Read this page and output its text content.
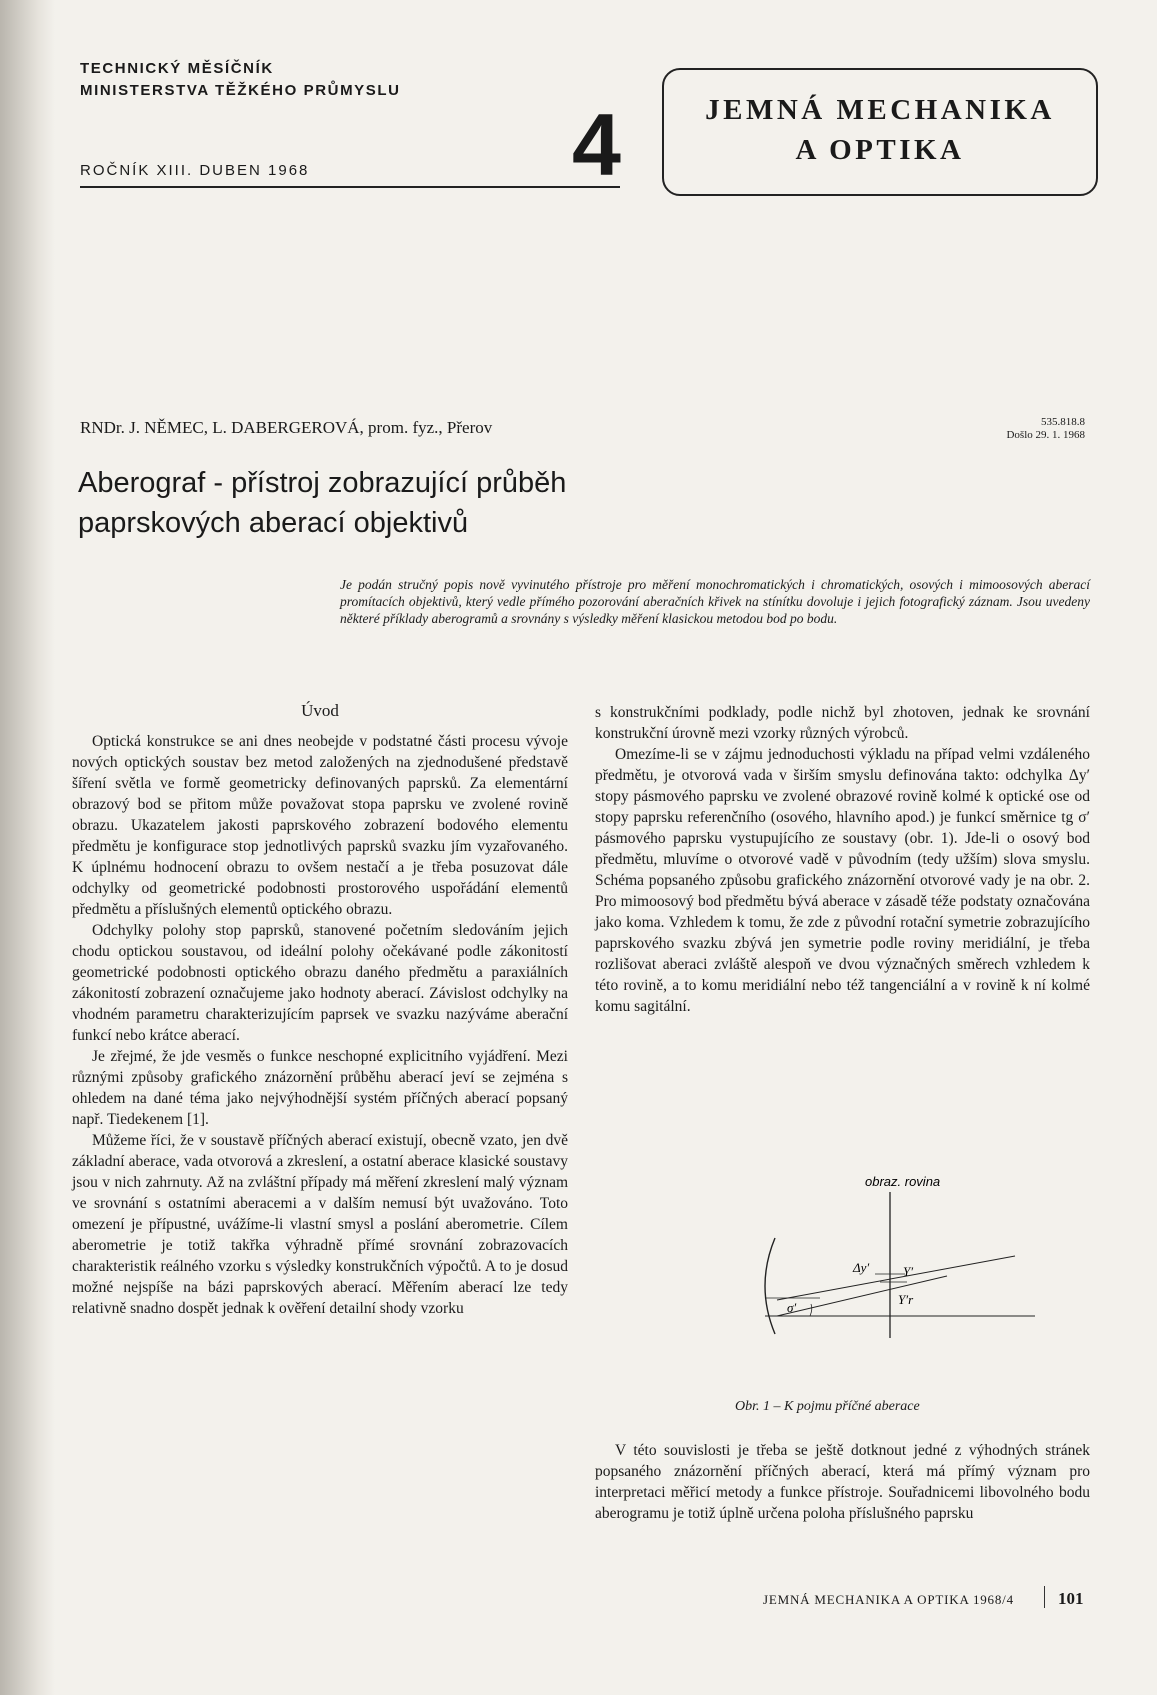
TECHNICKÝ MĚSÍČNÍK
MINISTERSTVA TĚŽKÉHO PRŮMYSLU
ROČNÍK XIII. DUBEN 1968	4	JEMNÁ MECHANIKA
A OPTIKA
RNDr. J. NĚMEC, L. DABERGEROVÁ, prom. fyz., Přerov	535.818.8
Došlo 29. 1. 1968
Aberograf - přístroj zobrazující průběh
paprskových aberací objektivů
Je podán stručný popis nově vyvinutého přístroje pro měření monochromatických i chromatických, osových i mimoosových aberací promítacích objektivů, který vedle přímého pozorování aberačních křivek na stínítku dovoluje i jejich fotografický záznam. Jsou uvedeny některé příklady aberogramů a srovnány s výsledky měření klasickou metodou bod po bodu.
Úvod

Optická konstrukce se ani dnes neobejde v podstatné části procesu vývoje nových optických soustav bez metod založených na zjednodušené představě šíření světla ve formě geometricky definovaných paprsků. Za elementární obrazový bod se přitom může považovat stopa paprsku ve zvolené rovině obrazu. Ukazatelem jakosti paprskového zobrazení bodového elementu předmětu je konfigurace stop jednotlivých paprsků svazku jím vyzařovaného. K úplnému hodnocení obrazu to ovšem nestačí a je třeba posuzovat dále odchylky od geometrické podobnosti prostorového uspořádání elementů předmětu a příslušných elementů optického obrazu.

Odchylky polohy stop paprsků, stanovené početním sledováním jejich chodu optickou soustavou, od ideální polohy očekávané podle zákonitostí geometrické podobnosti optického obrazu daného předmětu a paraxiálních zákonitostí zobrazení označujeme jako hodnoty aberací. Závislost odchylky na vhodném parametru charakterizujícím paprsek ve svazku nazýváme aberační funkcí nebo krátce aberací.

Je zřejmé, že jde vesměs o funkce neschopné explicitního vyjádření. Mezi různými způsoby grafického znázornění průběhu aberací jeví se zejména s ohledem na dané téma jako nejvýhodnější systém příčných aberací popsaný např. Tiedekenem [1].

Můžeme říci, že v soustavě příčných aberací existují, obecně vzato, jen dvě základní aberace, vada otvorová a zkreslení, a ostatní aberace klasické soustavy jsou v nich zahrnuty. Až na zvláštní případy má měření zkreslení malý význam ve srovnání s ostatními aberacemi a v dalším nemusí být uvažováno. Toto omezení je přípustné, uvážíme-li vlastní smysl a poslání aberometrie. Cílem aberometrie je totiž takřka výhradně přímé srovnání zobrazovacích charakteristik reálného vzorku s výsledky konstrukčních výpočtů. A to je dosud možné nejspíše na bázi paprskových aberací. Měřením aberací lze tedy relativně snadno dospět jednak k ověření detailní shody vzorku

s konstrukčními podklady, podle nichž byl zhotoven, jednak ke srovnání konstrukční úrovně mezi vzorky různých výrobců.

Omezíme-li se v zájmu jednoduchosti výkladu na případ velmi vzdáleného předmětu, je otvorová vada v širším smyslu definována takto: odchylka Δy′ stopy pásmového paprsku ve zvolené obrazové rovině kolmé k optické ose od stopy paprsku referenčního (osového, hlavního apod.) je funkcí směrnice tg σ′ pásmového paprsku vystupujícího ze soustavy (obr. 1). Jde-li o osový bod předmětu, mluvíme o otvorové vadě v původním (tedy užším) slova smyslu. Schéma popsaného způsobu grafického znázornění otvorové vady je na obr. 2. Pro mimoosový bod předmětu bývá aberace v zásadě téže podstaty označována jako koma. Vzhledem k tomu, že zde z původní rotační symetrie zobrazujícího paprskového svazku zbývá jen symetrie podle roviny meridiální, je třeba rozlišovat aberaci zvláště alespoň ve dvou význačných směrech vzhledem k této rovině, a to komu meridiální nebo též tangenciální a v rovině k ní kolmé komu sagitální.

obraz. rovina
σ′
Δy′	Y′
Y′r
Obr. 1 – K pojmu příčné aberace

V této souvislosti je třeba se ještě dotknout jedné z výhodných stránek popsaného znázornění příčných aberací, která má přímý význam pro interpretaci měřicí metody a funkce přístroje. Souřadnicemi libovolného bodu aberogramu je totiž úplně určena poloha příslušného paprsku

JEMNÁ MECHANIKA A OPTIKA 1968/4	101
